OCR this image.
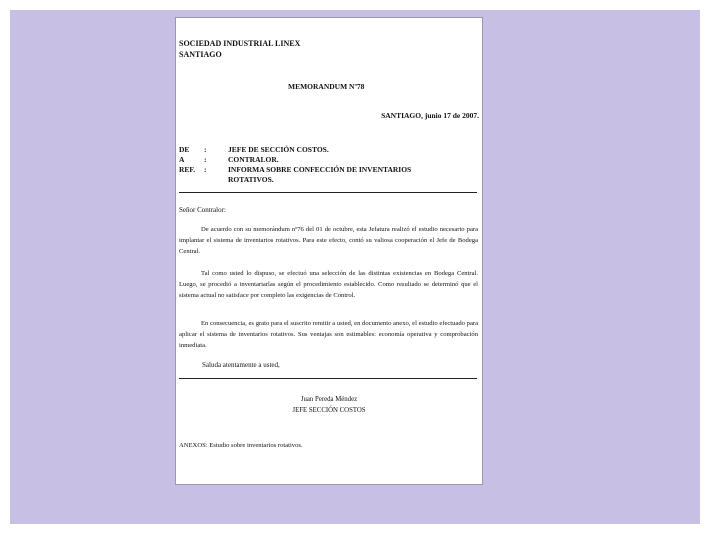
SOCIEDAD INDUSTRIAL LINEX
SANTIAGO
MEMORANDUM Nº78
SANTIAGO, junio 17 de 2007.
DE :	JEFE DE SECCIÓN COSTOS.
A	:	CONTRALOR.
REF. :	INFORMA SOBRE CONFECCIÓN DE INVENTARIOS
ROTATIVOS.
Señor Contralor:
De acuerdo con su memorándum nº76 del 01 de octubre, esta Jefatura realizó el estudio necesario para implantar el sistema de inventarios rotativos. Para este efecto, contó su valiosa cooperación el Jefe de Bodega Central.
Tal como usted lo dispuso, se efectuó una selección de las distintas existencias en Bodega Central. Luego, se procedió a inventariarlas según el procedimiento establecido. Como resultado se determinó que el sistema actual no satisface por completo las exigencias de Control.
En consecuencia, es grato para el suscrito remitir a usted, en documento anexo, el estudio efectuado para aplicar el sistema de inventarios rotativos. Sus ventajas son estimables: economía operativa y comprobación inmediata.
Saluda atentamente a usted,
Juan Pereda Méndez
JEFE SECCIÓN COSTOS
ANEXOS: Estudio sobre inventarios rotativos.
